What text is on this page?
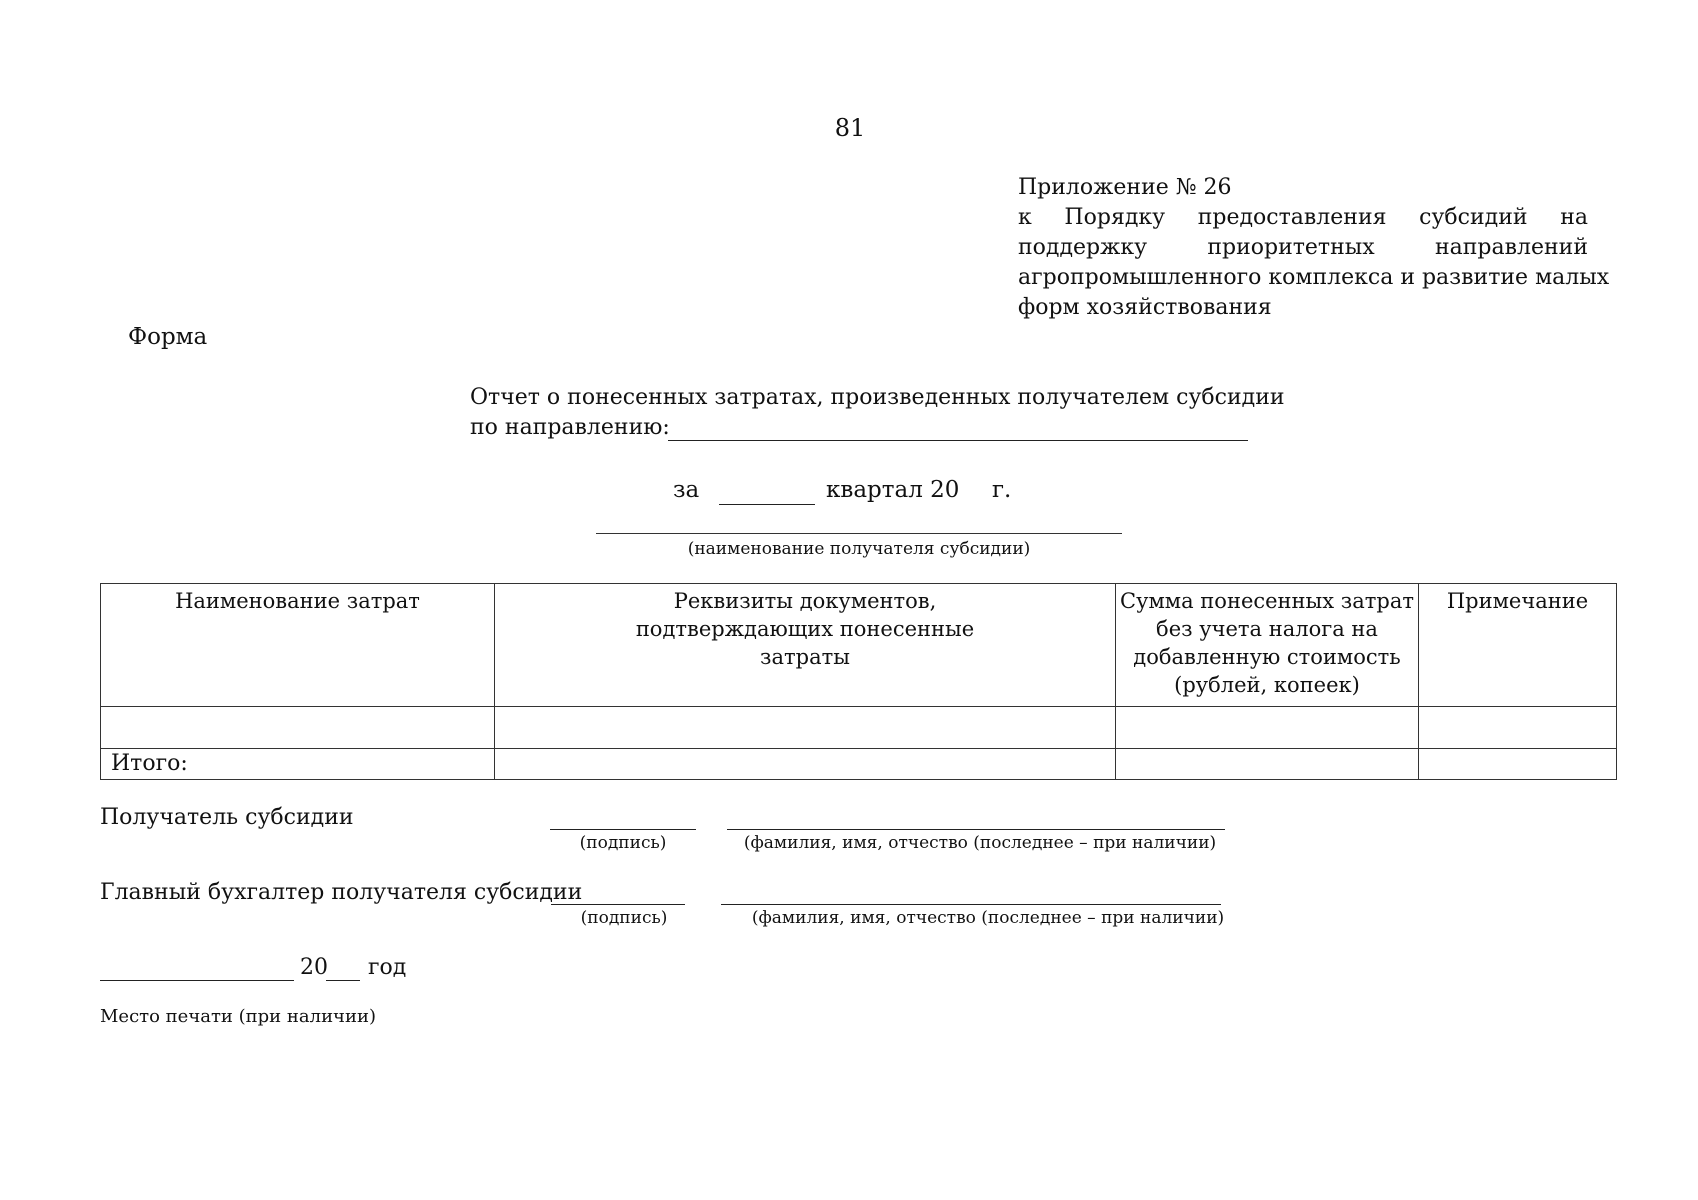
81
Приложение № 26
к Порядку предоставления субсидий на
поддержку приоритетных направлений
агропромышленного комплекса и развитие малых
форм хозяйствования
Форма
Отчет о понесенных затратах, произведенных получателем субсидии
по направлению:
за	квартал 20 г.
(наименование получателя субсидии)
Наименование затрат	Реквизиты документов, подтверждающих понесенные затраты	Сумма понесенных затрат без учета налога на добавленную стоимость (рублей, копеек)	Примечание

Итого:			
Получатель субсидии
(подпись)	(фамилия, имя, отчество (последнее – при наличии)
Главный бухгалтер получателя субсидии
(подпись)	(фамилия, имя, отчество (последнее – при наличии)
20 год
Место печати (при наличии)
